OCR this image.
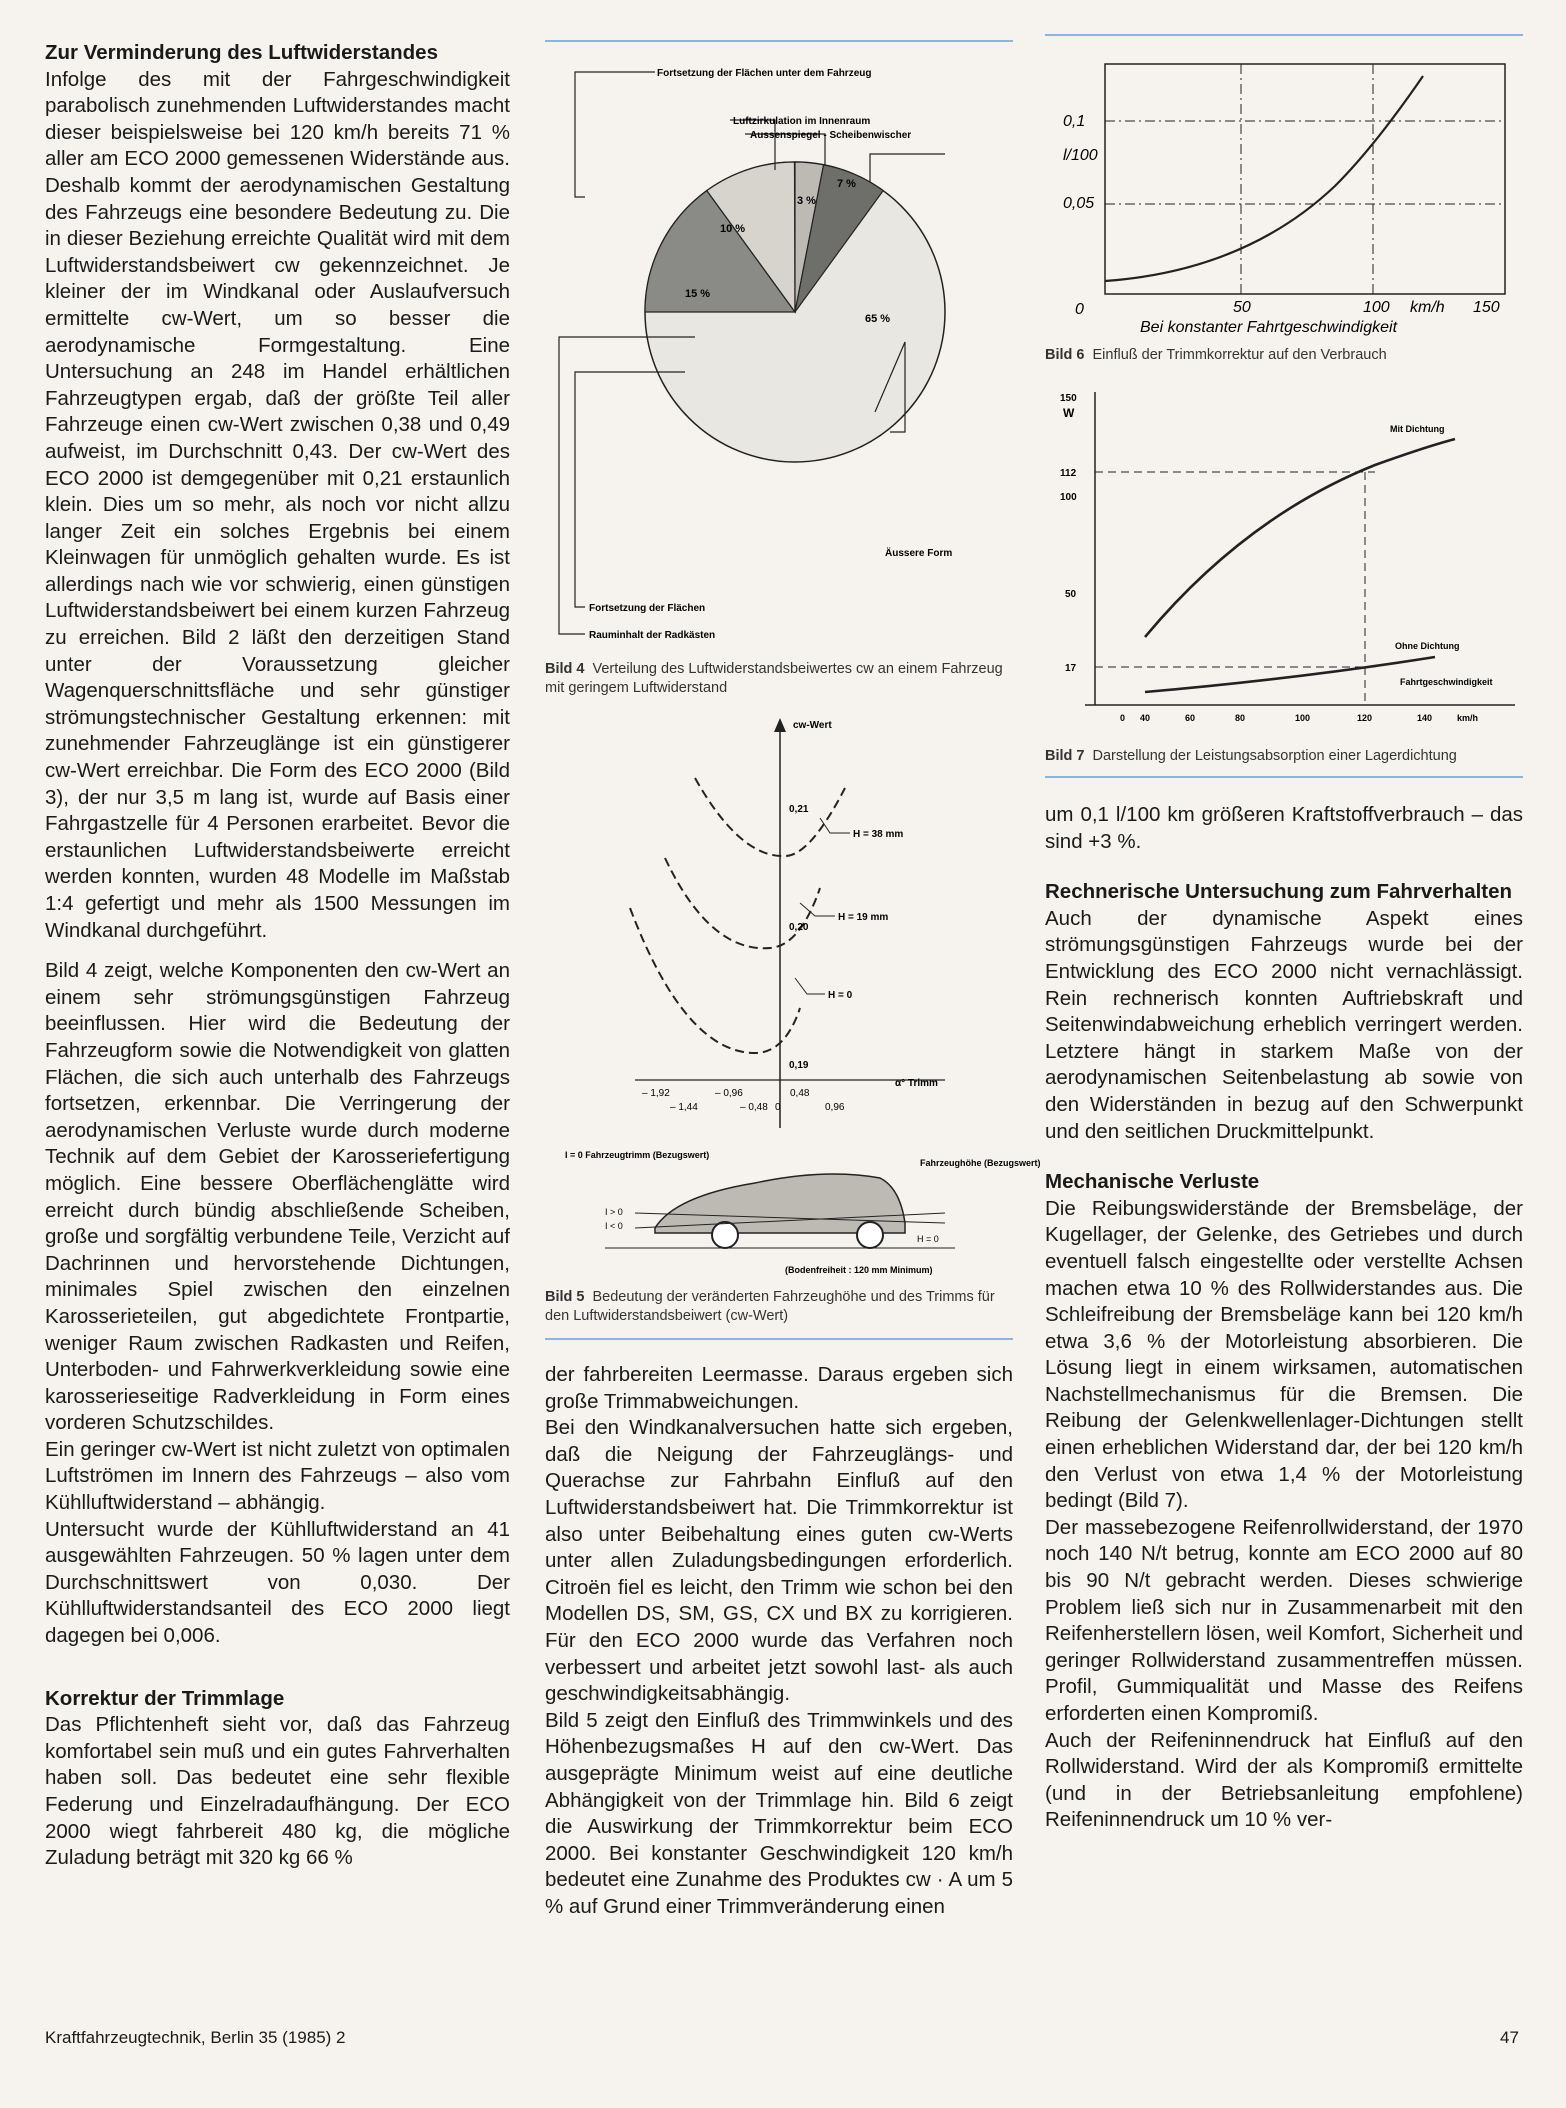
Zur Verminderung des Luftwiderstandes

Infolge des mit der Fahrgeschwindigkeit parabolisch zunehmenden Luftwiderstandes macht dieser beispielsweise bei 120 km/h bereits 71 % aller am ECO 2000 gemessenen Widerstände aus. Deshalb kommt der aerodynamischen Gestaltung des Fahrzeugs eine besondere Bedeutung zu. Die in dieser Beziehung erreichte Qualität wird mit dem Luftwiderstandsbeiwert cw gekennzeichnet. Je kleiner der im Windkanal oder Auslaufversuch ermittelte cw-Wert, um so besser die aerodynamische Formgestaltung. Eine Untersuchung an 248 im Handel erhältlichen Fahrzeugtypen ergab, daß der größte Teil aller Fahrzeuge einen cw-Wert zwischen 0,38 und 0,49 aufweist, im Durchschnitt 0,43. Der cw-Wert des ECO 2000 ist demgegenüber mit 0,21 erstaunlich klein. Dies um so mehr, als noch vor nicht allzu langer Zeit ein solches Ergebnis bei einem Kleinwagen für unmöglich gehalten wurde. Es ist allerdings nach wie vor schwierig, einen günstigen Luftwiderstandsbeiwert bei einem kurzen Fahrzeug zu erreichen. Bild 2 läßt den derzeitigen Stand unter der Voraussetzung gleicher Wagenquerschnittsfläche und sehr günstiger strömungstechnischer Gestaltung erkennen: mit zunehmender Fahrzeuglänge ist ein günstigerer cw-Wert erreichbar. Die Form des ECO 2000 (Bild 3), der nur 3,5 m lang ist, wurde auf Basis einer Fahrgastzelle für 4 Personen erarbeitet. Bevor die erstaunlichen Luftwiderstandsbeiwerte erreicht werden konnten, wurden 48 Modelle im Maßstab 1:4 gefertigt und mehr als 1500 Messungen im Windkanal durchgeführt.

Bild 4 zeigt, welche Komponenten den cw-Wert an einem sehr strömungsgünstigen Fahrzeug beeinflussen. Hier wird die Bedeutung der Fahrzeugform sowie die Notwendigkeit von glatten Flächen, die sich auch unterhalb des Fahrzeugs fortsetzen, erkennbar. Die Verringerung der aerodynamischen Verluste wurde durch moderne Technik auf dem Gebiet der Karosseriefertigung möglich. Eine bessere Oberflächenglätte wird erreicht durch bündig abschließende Scheiben, große und sorgfältig verbundene Teile, Verzicht auf Dachrinnen und hervorstehende Dichtungen, minimales Spiel zwischen den einzelnen Karosserieteilen, gut abgedichtete Frontpartie, weniger Raum zwischen Radkasten und Reifen, Unterboden- und Fahrwerkverkleidung sowie eine karosserieseitige Radverkleidung in Form eines vorderen Schutzschildes.

Ein geringer cw-Wert ist nicht zuletzt von optimalen Luftströmen im Innern des Fahrzeugs – also vom Kühlluftwiderstand – abhängig.

Untersucht wurde der Kühlluftwiderstand an 41 ausgewählten Fahrzeugen. 50 % lagen unter dem Durchschnittswert von 0,030. Der Kühlluftwiderstandsanteil des ECO 2000 liegt dagegen bei 0,006.

Korrektur der Trimmlage

Das Pflichtenheft sieht vor, daß das Fahrzeug komfortabel sein muß und ein gutes Fahrverhalten haben soll. Das bedeutet eine sehr flexible Federung und Einzelradaufhängung. Der ECO 2000 wiegt fahrbereit 480 kg, die mögliche Zuladung beträgt mit 320 kg 66 %

15 %
10 %
3 %
7 %
65 %
Fortsetzung der Flächen unter dem Fahrzeug
Luftzirkulation im Innenraum
Aussenspiegel - Scheibenwischer
Äussere Form
Fortsetzung der Flächen
Rauminhalt der Radkästen

Bild 4 Verteilung des Luftwiderstandsbeiwertes cw an einem Fahrzeug mit geringem Luftwiderstand

cw-Wert
α° Trimm
H = 38 mm
H = 19 mm
H = 0
0,21
0,20
0,19
– 1,92	– 0,96	0,48
– 1,44	– 0,48 0	0,96
I = 0 Fahrzeugtrimm (Bezugswert)
Fahrzeughöhe (Bezugswert)
I > 0
I < 0
H = 0
(Bodenfreiheit : 120 mm Minimum)

Bild 5 Bedeutung der veränderten Fahrzeughöhe und des Trimms für den Luftwiderstandsbeiwert (cw-Wert)

der fahrbereiten Leermasse. Daraus ergeben sich große Trimmabweichungen.

Bei den Windkanalversuchen hatte sich ergeben, daß die Neigung der Fahrzeuglängs- und Querachse zur Fahrbahn Einfluß auf den Luftwiderstandsbeiwert hat. Die Trimmkorrektur ist also unter Beibehaltung eines guten cw-Werts unter allen Zuladungsbedingungen erforderlich. Citroën fiel es leicht, den Trimm wie schon bei den Modellen DS, SM, GS, CX und BX zu korrigieren. Für den ECO 2000 wurde das Verfahren noch verbessert und arbeitet jetzt sowohl last- als auch geschwindigkeitsabhängig.

Bild 5 zeigt den Einfluß des Trimmwinkels und des Höhenbezugsmaßes H auf den cw-Wert. Das ausgeprägte Minimum weist auf eine deutliche Abhängigkeit von der Trimmlage hin. Bild 6 zeigt die Auswirkung der Trimmkorrektur beim ECO 2000. Bei konstanter Geschwindigkeit 120 km/h bedeutet eine Zunahme des Produktes cw · A um 5 % auf Grund einer Trimmveränderung einen

0,1
l/100
0,05
0	50	100 km/h 150
Bei konstanter Fahrtgeschwindigkeit

Bild 6 Einfluß der Trimmkorrektur auf den Verbrauch

150
W
112
100
50
17
0 40	60	80	100	120	140	km/h
Mit Dichtung
Ohne Dichtung
Fahrtgeschwindigkeit

Bild 7 Darstellung der Leistungsabsorption einer Lagerdichtung

um 0,1 l/100 km größeren Kraftstoffverbrauch – das sind +3 %.

Rechnerische Untersuchung zum Fahrverhalten

Auch der dynamische Aspekt eines strömungsgünstigen Fahrzeugs wurde bei der Entwicklung des ECO 2000 nicht vernachlässigt. Rein rechnerisch konnten Auftriebskraft und Seitenwindabweichung erheblich verringert werden. Letztere hängt in starkem Maße von der aerodynamischen Seitenbelastung ab sowie von den Widerständen in bezug auf den Schwerpunkt und den seitlichen Druckmittelpunkt.

Mechanische Verluste

Die Reibungswiderstände der Bremsbeläge, der Kugellager, der Gelenke, des Getriebes und durch eventuell falsch eingestellte oder verstellte Achsen machen etwa 10 % des Rollwiderstandes aus. Die Schleifreibung der Bremsbeläge kann bei 120 km/h etwa 3,6 % der Motorleistung absorbieren. Die Lösung liegt in einem wirksamen, automatischen Nachstellmechanismus für die Bremsen. Die Reibung der Gelenkwellenlager-Dichtungen stellt einen erheblichen Widerstand dar, der bei 120 km/h den Verlust von etwa 1,4 % der Motorleistung bedingt (Bild 7).

Der massebezogene Reifenrollwiderstand, der 1970 noch 140 N/t betrug, konnte am ECO 2000 auf 80 bis 90 N/t gebracht werden. Dieses schwierige Problem ließ sich nur in Zusammenarbeit mit den Reifenherstellern lösen, weil Komfort, Sicherheit und geringer Rollwiderstand zusammentreffen müssen. Profil, Gummiqualität und Masse des Reifens erforderten einen Kompromiß.

Auch der Reifeninnendruck hat Einfluß auf den Rollwiderstand. Wird der als Kompromiß ermittelte (und in der Betriebsanleitung empfohlene) Reifeninnendruck um 10 % ver-

Kraftfahrzeugtechnik, Berlin 35 (1985) 2	47
